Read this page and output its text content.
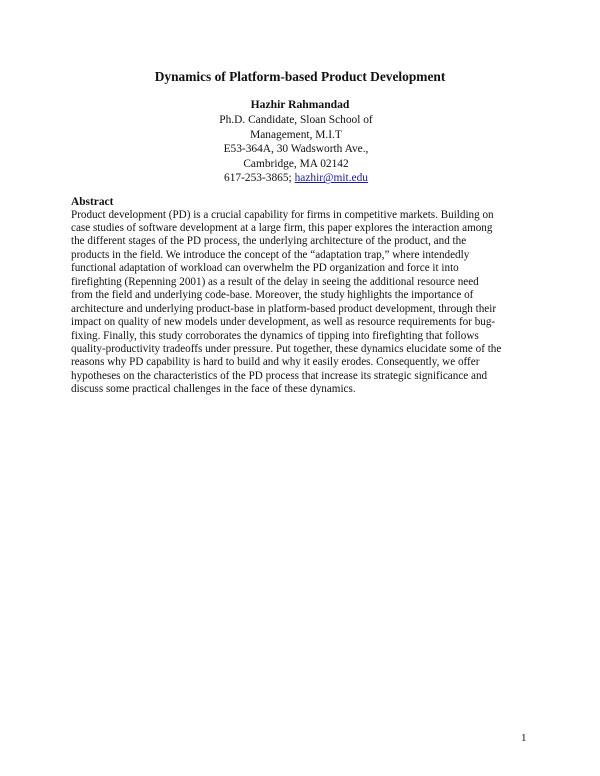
Dynamics of Platform-based Product Development
Hazhir Rahmandad
Ph.D. Candidate, Sloan School of
Management, M.I.T
E53-364A, 30 Wadsworth Ave.,
Cambridge, MA 02142
617-253-3865; hazhir@mit.edu
Abstract
Product development (PD) is a crucial capability for firms in competitive markets. Building on
case studies of software development at a large firm, this paper explores the interaction among
the different stages of the PD process, the underlying architecture of the product, and the
products in the field. We introduce the concept of the “adaptation trap,” where intendedly
functional adaptation of workload can overwhelm the PD organization and force it into
firefighting (Repenning 2001) as a result of the delay in seeing the additional resource need
from the field and underlying code-base. Moreover, the study highlights the importance of
architecture and underlying product-base in platform-based product development, through their
impact on quality of new models under development, as well as resource requirements for bug-
fixing. Finally, this study corroborates the dynamics of tipping into firefighting that follows
quality-productivity tradeoffs under pressure. Put together, these dynamics elucidate some of the
reasons why PD capability is hard to build and why it easily erodes. Consequently, we offer
hypotheses on the characteristics of the PD process that increase its strategic significance and
discuss some practical challenges in the face of these dynamics.
1
